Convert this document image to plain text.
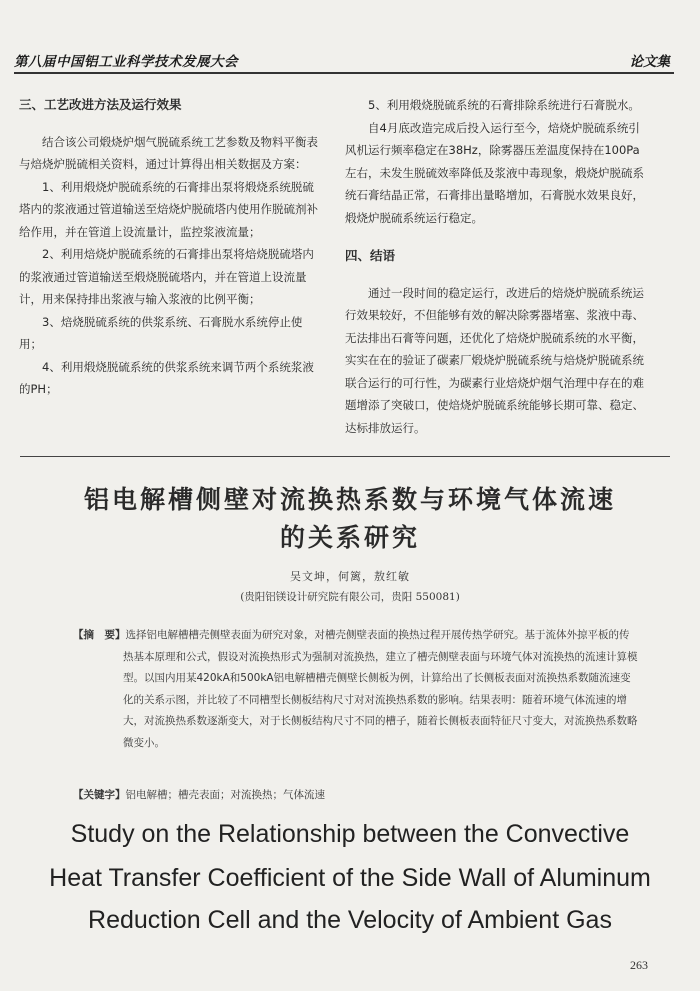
第八届中国铝工业科学技术发展大会	论文集

三、工艺改进方法及运行效果

结合该公司煅烧炉烟气脱硫系统工艺参数及物料平衡表与焙烧炉脱硫相关资料，通过计算得出相关数据及方案：

1、利用煅烧炉脱硫系统的石膏排出泵将煅烧系统脱硫塔内的浆液通过管道输送至焙烧炉脱硫塔内使用作脱硫剂补给作用，并在管道上设流量计，监控浆液流量；

2、利用焙烧炉脱硫系统的石膏排出泵将焙烧脱硫塔内的浆液通过管道输送至煅烧脱硫塔内，并在管道上设流量计，用来保持排出浆液与输入浆液的比例平衡；

3、焙烧脱硫系统的供浆系统、石膏脱水系统停止使用；

4、利用煅烧脱硫系统的供浆系统来调节两个系统浆液的PH；

5、利用煅烧脱硫系统的石膏排除系统进行石膏脱水。

自4月底改造完成后投入运行至今，焙烧炉脱硫系统引风机运行频率稳定在38Hz，除雾器压差温度保持在100Pa左右，未发生脱硫效率降低及浆液中毒现象，煅烧炉脱硫系统石膏结晶正常，石膏排出量略增加，石膏脱水效果良好，煅烧炉脱硫系统运行稳定。

四、结语

通过一段时间的稳定运行，改进后的焙烧炉脱硫系统运行效果较好，不但能够有效的解决除雾器堵塞、浆液中毒、无法排出石膏等问题，还优化了焙烧炉脱硫系统的水平衡，实实在在的验证了碳素厂煅烧炉脱硫系统与焙烧炉脱硫系统联合运行的可行性，为碳素行业焙烧炉烟气治理中存在的难题增添了突破口，使焙烧炉脱硫系统能够长期可靠、稳定、达标排放运行。

铝电解槽侧壁对流换热系数与环境气体流速
的关系研究
吴文坤，何篱，敖红敏
(贵阳铝镁设计研究院有限公司，贵阳 550081)
【摘　要】选择铝电解槽槽壳侧壁表面为研究对象，对槽壳侧壁表面的换热过程开展传热学研究。基于流体外掠平板的传热基本原理和公式，假设对流换热形式为强制对流换热，建立了槽壳侧壁表面与环境气体对流换热的流速计算模型。以国内用某420kA和500kA铝电解槽槽壳侧壁长侧板为例，计算给出了长侧板表面对流换热系数随流速变化的关系示图，并比较了不同槽型长侧板结构尺寸对对流换热系数的影响。结果表明：随着环境气体流速的增大，对流换热系数逐渐变大，对于长侧板结构尺寸不同的槽子，随着长侧板表面特征尺寸变大，对流换热系数略微变小。
【关键字】铝电解槽；槽壳表面；对流换热；气体流速
Study on the Relationship between the Convective
Heat Transfer Coefficient of the Side Wall of Aluminum
Reduction Cell and the Velocity of Ambient Gas
263
